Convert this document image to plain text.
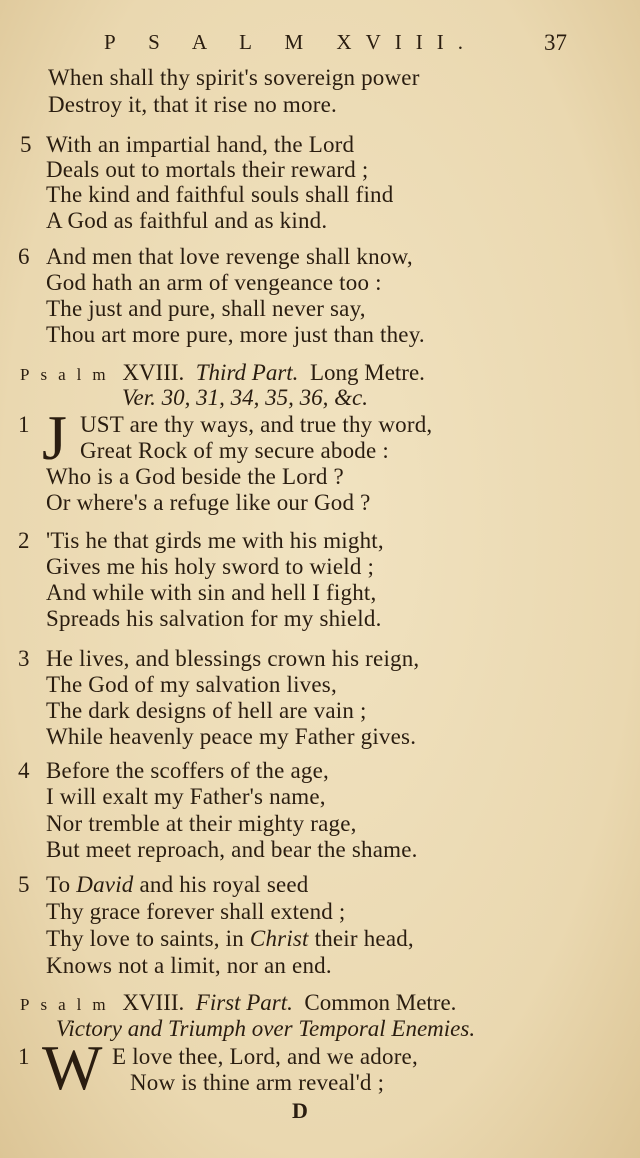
P S A L M XVIII.	37
When shall thy spirit's sovereign power
Destroy it, that it rise no more.
5 With an impartial hand, the Lord
Deals out to mortals their reward ;
The kind and faithful souls shall find
A God as faithful and as kind.
6 And men that love revenge shall know,
God hath an arm of vengeance too :
The just and pure, shall never say,
Thou art more pure, more just than they.
Psalm XVIII. Third Part. Long Metre.
Ver. 30, 31, 34, 35, 36, &c.
1 J UST are thy ways, and true thy word,
Great Rock of my secure abode :
Who is a God beside the Lord ?
Or where's a refuge like our God ?
2 'Tis he that girds me with his might,
Gives me his holy sword to wield ;
And while with sin and hell I fight,
Spreads his salvation for my shield.
3 He lives, and blessings crown his reign,
The God of my salvation lives,
The dark designs of hell are vain ;
While heavenly peace my Father gives.
4 Before the scoffers of the age,
I will exalt my Father's name,
Nor tremble at their mighty rage,
But meet reproach, and bear the shame.
5 To David and his royal seed
Thy grace forever shall extend ;
Thy love to saints, in Christ their head,
Knows not a limit, nor an end.
Psalm XVIII. First Part. Common Metre.
Victory and Triumph over Temporal Enemies.
1 W E love thee, Lord, and we adore,
Now is thine arm reveal'd ;
D
